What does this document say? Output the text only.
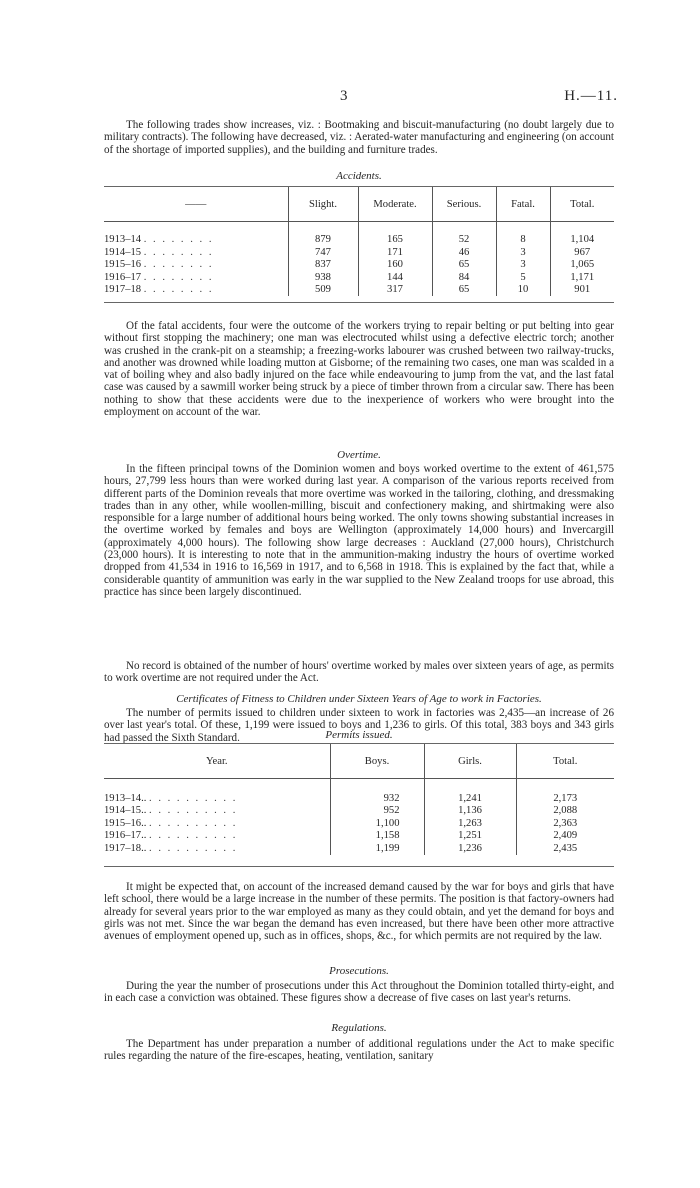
3	H.—11.
The following trades show increases, viz. : Bootmaking and biscuit-manufacturing (no doubt largely due to military contracts). The following have decreased, viz. : Aerated-water manufacturing and engineering (on account of the shortage of imported supplies), and the building and furniture trades.
Accidents.
——	Slight.	Moderate.	Serious.	Fatal.	Total.

1913–14 . . . . . . . .	879	165	52	8	1,104
1914–15 . . . . . . . .	747	171	46	3	967
1915–16 . . . . . . . .	837	160	65	3	1,065
1916–17 . . . . . . . .	938	144	84	5	1,171
1917–18 . . . . . . . .	509	317	65	10	901
Of the fatal accidents, four were the outcome of the workers trying to repair belting or put belting into gear without first stopping the machinery; one man was electrocuted whilst using a defective electric torch; another was crushed in the crank-pit on a steamship; a freezing-works labourer was crushed between two railway-trucks, and another was drowned while loading mutton at Gisborne; of the remaining two cases, one man was scalded in a vat of boiling whey and also badly injured on the face while endeavouring to jump from the vat, and the last fatal case was caused by a sawmill worker being struck by a piece of timber thrown from a circular saw. There has been nothing to show that these accidents were due to the inexperience of workers who were brought into the employment on account of the war.
Overtime.
In the fifteen principal towns of the Dominion women and boys worked overtime to the extent of 461,575 hours, 27,799 less hours than were worked during last year. A comparison of the various reports received from different parts of the Dominion reveals that more overtime was worked in the tailoring, clothing, and dressmaking trades than in any other, while woollen-milling, biscuit and confectionery making, and shirtmaking were also responsible for a large number of additional hours being worked. The only towns showing substantial increases in the overtime worked by females and boys are Wellington (approximately 14,000 hours) and Invercargill (approximately 4,000 hours). The following show large decreases : Auckland (27,000 hours), Christchurch (23,000 hours). It is interesting to note that in the ammunition-making industry the hours of overtime worked dropped from 41,534 in 1916 to 16,569 in 1917, and to 6,568 in 1918. This is explained by the fact that, while a considerable quantity of ammunition was early in the war supplied to the New Zealand troops for use abroad, this practice has since been largely discontinued.
No record is obtained of the number of hours' overtime worked by males over sixteen years of age, as permits to work overtime are not required under the Act.
Certificates of Fitness to Children under Sixteen Years of Age to work in Factories.
The number of permits issued to children under sixteen to work in factories was 2,435—an increase of 26 over last year's total. Of these, 1,199 were issued to boys and 1,236 to girls. Of this total, 383 boys and 343 girls had passed the Sixth Standard.	Permits issued.
Year.	Boys.	Girls.	Total.

1913–14.. . . . . . . . . . .	932	1,241	2,173
1914–15.. . . . . . . . . . .	952	1,136	2,088
1915–16.. . . . . . . . . . .	1,100	1,263	2,363
1916–17.. . . . . . . . . . .	1,158	1,251	2,409
1917–18.. . . . . . . . . . .	1,199	1,236	2,435
It might be expected that, on account of the increased demand caused by the war for boys and girls that have left school, there would be a large increase in the number of these permits. The position is that factory-owners had already for several years prior to the war employed as many as they could obtain, and yet the demand for boys and girls was not met. Since the war began the demand has even increased, but there have been other more attractive avenues of employment opened up, such as in offices, shops, &c., for which permits are not required by the law.
Prosecutions.
During the year the number of prosecutions under this Act throughout the Dominion totalled thirty-eight, and in each case a conviction was obtained. These figures show a decrease of five cases on last year's returns.
Regulations.
The Department has under preparation a number of additional regulations under the Act to make specific rules regarding the nature of the fire-escapes, heating, ventilation, sanitary
